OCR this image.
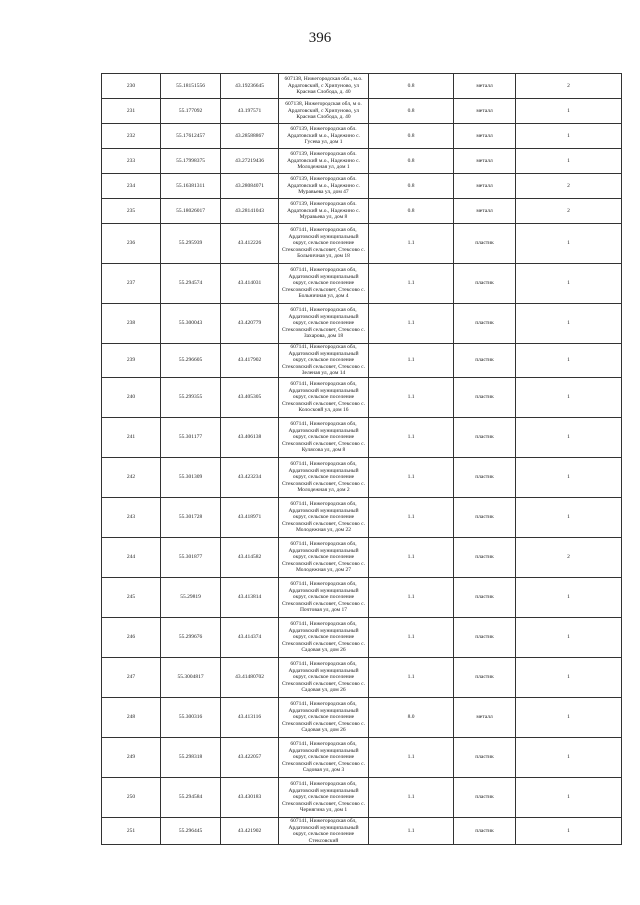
396
230	55.18151556	43.19236645	607138, Нижегородская обл., м.о. Ардатовский, с Хрипуново, ул Красная Слобода, д. 40	0.8	металл	2
231	55.177092	43.197571	607138, Нижегородская обл, м о. Ардатовский, с Хрипуново, ул Красная Слобода, д. 40	0.8	металл	1
232	55.17612457	43.28588867	607139, Нижегородская обл. Ардатовский м.о., Надежино с. Гусева ул, дом 1	0.8	металл	1
233	55.17998375	43.27219436	607139, Нижегородская обл. Ардатовский м.о., Надежино с. Молодежная ул, дом 1	0.8	металл	1
234	55.16381311	43.28084071	607139, Нижегородская обл. Ардатовский м.о., Надежино с. Муравьева ул, дом 47	0.8	металл	2
235	55.18026017	43.28141043	607139, Нижегородская обл. Ардатовский м.о., Надежино с. Муравьева ул, дом 8	0.8	металл	2
236	55.295939	43.412226	607141, Нижегородская обл, Ардатовский муниципальный округ, сельское поселение Стексовский сельсовет, Стексово с. Больничная ул, дом 18	1.1	пластик	1
237	55.294574	43.414031	607141, Нижегородская обл, Ардатовский муниципальный округ, сельское поселение Стексовский сельсовет, Стексово с. Больничная ул, дом 4	1.1	пластик	1
238	55.300043	43.420779	607141, Нижегородская обл, Ардатовский муниципальный округ, сельское поселение Стексовский сельсовет, Стексово с. Захарова, дом 18	1.1	пластик	1
239	55.296605	43.417902	607141, Нижегородская обл, Ардатовский муниципальный округ, сельское поселение Стексовский сельсовет, Стексово с. Зеленая ул, дом 14	1.1	пластик	1
240	55.299355	43.405305	607141, Нижегородская обл, Ардатовский муниципальный округ, сельское поселение Стексовский сельсовет, Стексово с. Колосковй ул, дом 16	1.1	пластик	1
241	55.301177	43.406138	607141, Нижегородская обл, Ардатовский муниципальный округ, сельское поселение Стексовский сельсовет, Стексово с. Кулясова ул, дом 8	1.1	пластик	1
242	55.301309	43.423234	607141, Нижегородская обл, Ардатовский муниципальный округ, сельское поселение Стексовский сельсовет, Стексово с. Молодежная ул, дом 2	1.1	пластик	1
243	55.301728	43.418971	607141, Нижегородская обл, Ардатовский муниципальный округ, сельское поселение Стексовский сельсовет, Стексово с. Молодежная ул, дом 22	1.1	пластик	1
244	55.301877	43.414582	607141, Нижегородская обл, Ардатовский муниципальный округ, сельское поселение Стексовский сельсовет, Стексово с. Молодежная ул, дом 27	1.1	пластик	2
245	55.29819	43.413814	607141, Нижегородская обл, Ардатовский муниципальный округ, сельское поселение Стексовский сельсовет, Стексово с. Почтовая ул, дом 17	1.1	пластик	1
246	55.299676	43.414374	607141, Нижегородская обл, Ардатовский муниципальный округ, сельское поселение Стексовский сельсовет, Стексово с. Садовая ул, дом 26	1.1	пластик	1
247	55.3004817	43.41480702	607141, Нижегородская обл, Ардатовский муниципальный округ, сельское поселение Стексовский сельсовет, Стексово с. Садовая ул, дом 26	1.1	пластик	1
248	55.300316	43.413116	607141, Нижегородская обл, Ардатовский муниципальный округ, сельское поселение Стексовский сельсовет, Стексово с. Садовая ул, дом 26	8.0	металл	1
249	55.298318	43.422057	607141, Нижегородская обл, Ардатовский муниципальный округ, сельское поселение Стексовский сельсовет, Стексово с. Садовая ул, дом 3	1.1	пластик	1
250	55.294584	43.430183	607141, Нижегородская обл, Ардатовский муниципальный округ, сельское поселение Стексовский сельсовет, Стексово с. Чернягина ул, дом 1	1.1	пластик	1
251	55.296445	43.421902	607141, Нижегородская обл, Ардатовский муниципальный округ, сельское поселение Стексовский	1.1	пластик	1
